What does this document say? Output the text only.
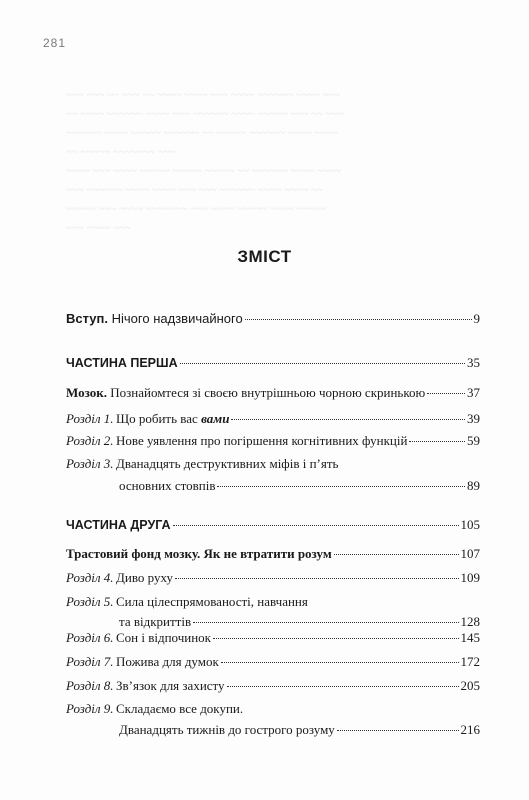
281
~~~ ~~~ ~~ ~~~ ~~ ~~~~ ~~~~ ~~~ ~~~~ ~~~~~~ ~~~~ ~~~
~~ ~~~~ ~~~~~~ ~~~~ ~~~ ~~~~~~ ~~~~ ~~~~~ ~~~ ~~ ~~~
~~~~~~ ~~~~ ~~~~~ ~~~~~~ ~~ ~~~~~ ~~~~~~ ~~~~ ~~~~
~~ ~~~~~ ~~~~~~~ ~~~
~~~~ ~~~ ~~~~ ~~~~~ ~~~~~ ~~~~~ ~~ ~~~~~~ ~~~~ ~~~~
~~~ ~~~~~~ ~~~~ ~~~~ ~~~ ~~~ ~~~~~~ ~~~~ ~~~~ ~~
~~~~~ ~~~ ~~~~ ~~~~~~~ ~~~ ~~~~ ~~~~~ ~~~~ ~~~~~
~~~ ~~~~ ~~~
ЗМІСТ
Вступ. Нічого надзвичайного	9
ЧАСТИНА ПЕРША	35
Мозок. Познайомтеся зі своєю внутрішньою чорною скринькою	37
Розділ 1. Що робить вас вами	39
Розділ 2. Нове уявлення про погіршення когнітивних функцій	59
Розділ 3. Дванадцять деструктивних міфів і п’ять
основних стовпів	89
ЧАСТИНА ДРУГА	105
Трастовий фонд мозку. Як не втратити розум	107
Розділ 4. Диво руху	109
Розділ 5. Сила цілеспрямованості, навчання
та відкриттів	128
Розділ 6. Сон і відпочинок	145
Розділ 7. Пожива для думок	172
Розділ 8. Зв’язок для захисту	205
Розділ 9. Складаємо все докупи.
Дванадцять тижнів до гострого розуму	216
